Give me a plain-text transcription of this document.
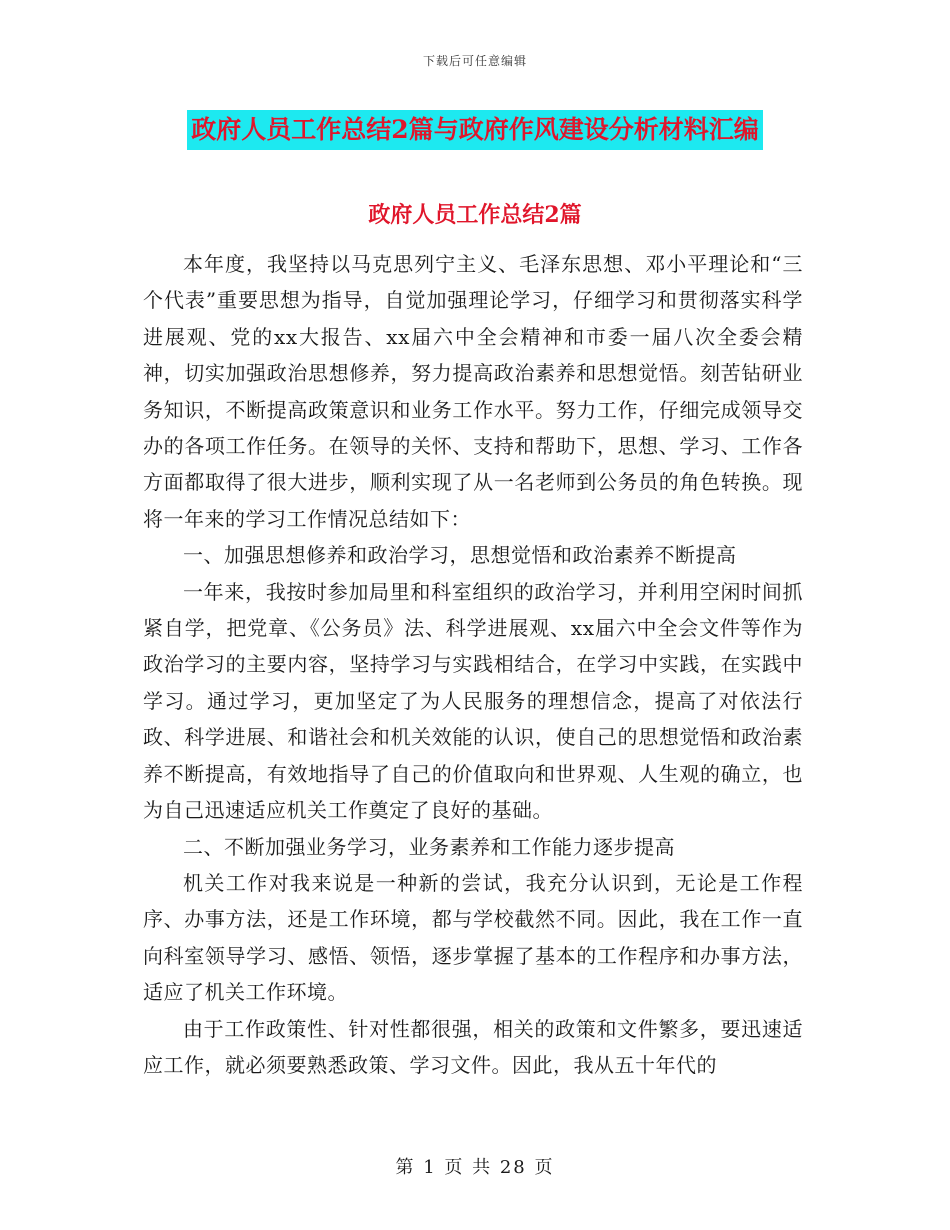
下载后可任意编辑
政府人员工作总结2篇与政府作风建设分析材料汇编
政府人员工作总结2篇

本年度，我坚持以马克思列宁主义、毛泽东思想、邓小平理论和“三个代表”重要思想为指导，自觉加强理论学习，仔细学习和贯彻落实科学进展观、党的xx大报告、xx届六中全会精神和市委一届八次全委会精神，切实加强政治思想修养，努力提高政治素养和思想觉悟。刻苦钻研业务知识，不断提高政策意识和业务工作水平。努力工作，仔细完成领导交办的各项工作任务。在领导的关怀、支持和帮助下，思想、学习、工作各方面都取得了很大进步，顺利实现了从一名老师到公务员的角色转换。现将一年来的学习工作情况总结如下：

一、加强思想修养和政治学习，思想觉悟和政治素养不断提高

一年来，我按时参加局里和科室组织的政治学习，并利用空闲时间抓紧自学，把党章、《公务员》法、科学进展观、xx届六中全会文件等作为政治学习的主要内容，坚持学习与实践相结合，在学习中实践，在实践中学习。通过学习，更加坚定了为人民服务的理想信念，提高了对依法行政、科学进展、和谐社会和机关效能的认识，使自己的思想觉悟和政治素养不断提高，有效地指导了自己的价值取向和世界观、人生观的确立，也为自己迅速适应机关工作奠定了良好的基础。

二、不断加强业务学习，业务素养和工作能力逐步提高

机关工作对我来说是一种新的尝试，我充分认识到，无论是工作程序、办事方法，还是工作环境，都与学校截然不同。因此，我在工作一直向科室领导学习、感悟、领悟，逐步掌握了基本的工作程序和办事方法，适应了机关工作环境。

由于工作政策性、针对性都很强，相关的政策和文件繁多，要迅速适应工作，就必须要熟悉政策、学习文件。因此，我从五十年代的

第 1 页 共 28 页
